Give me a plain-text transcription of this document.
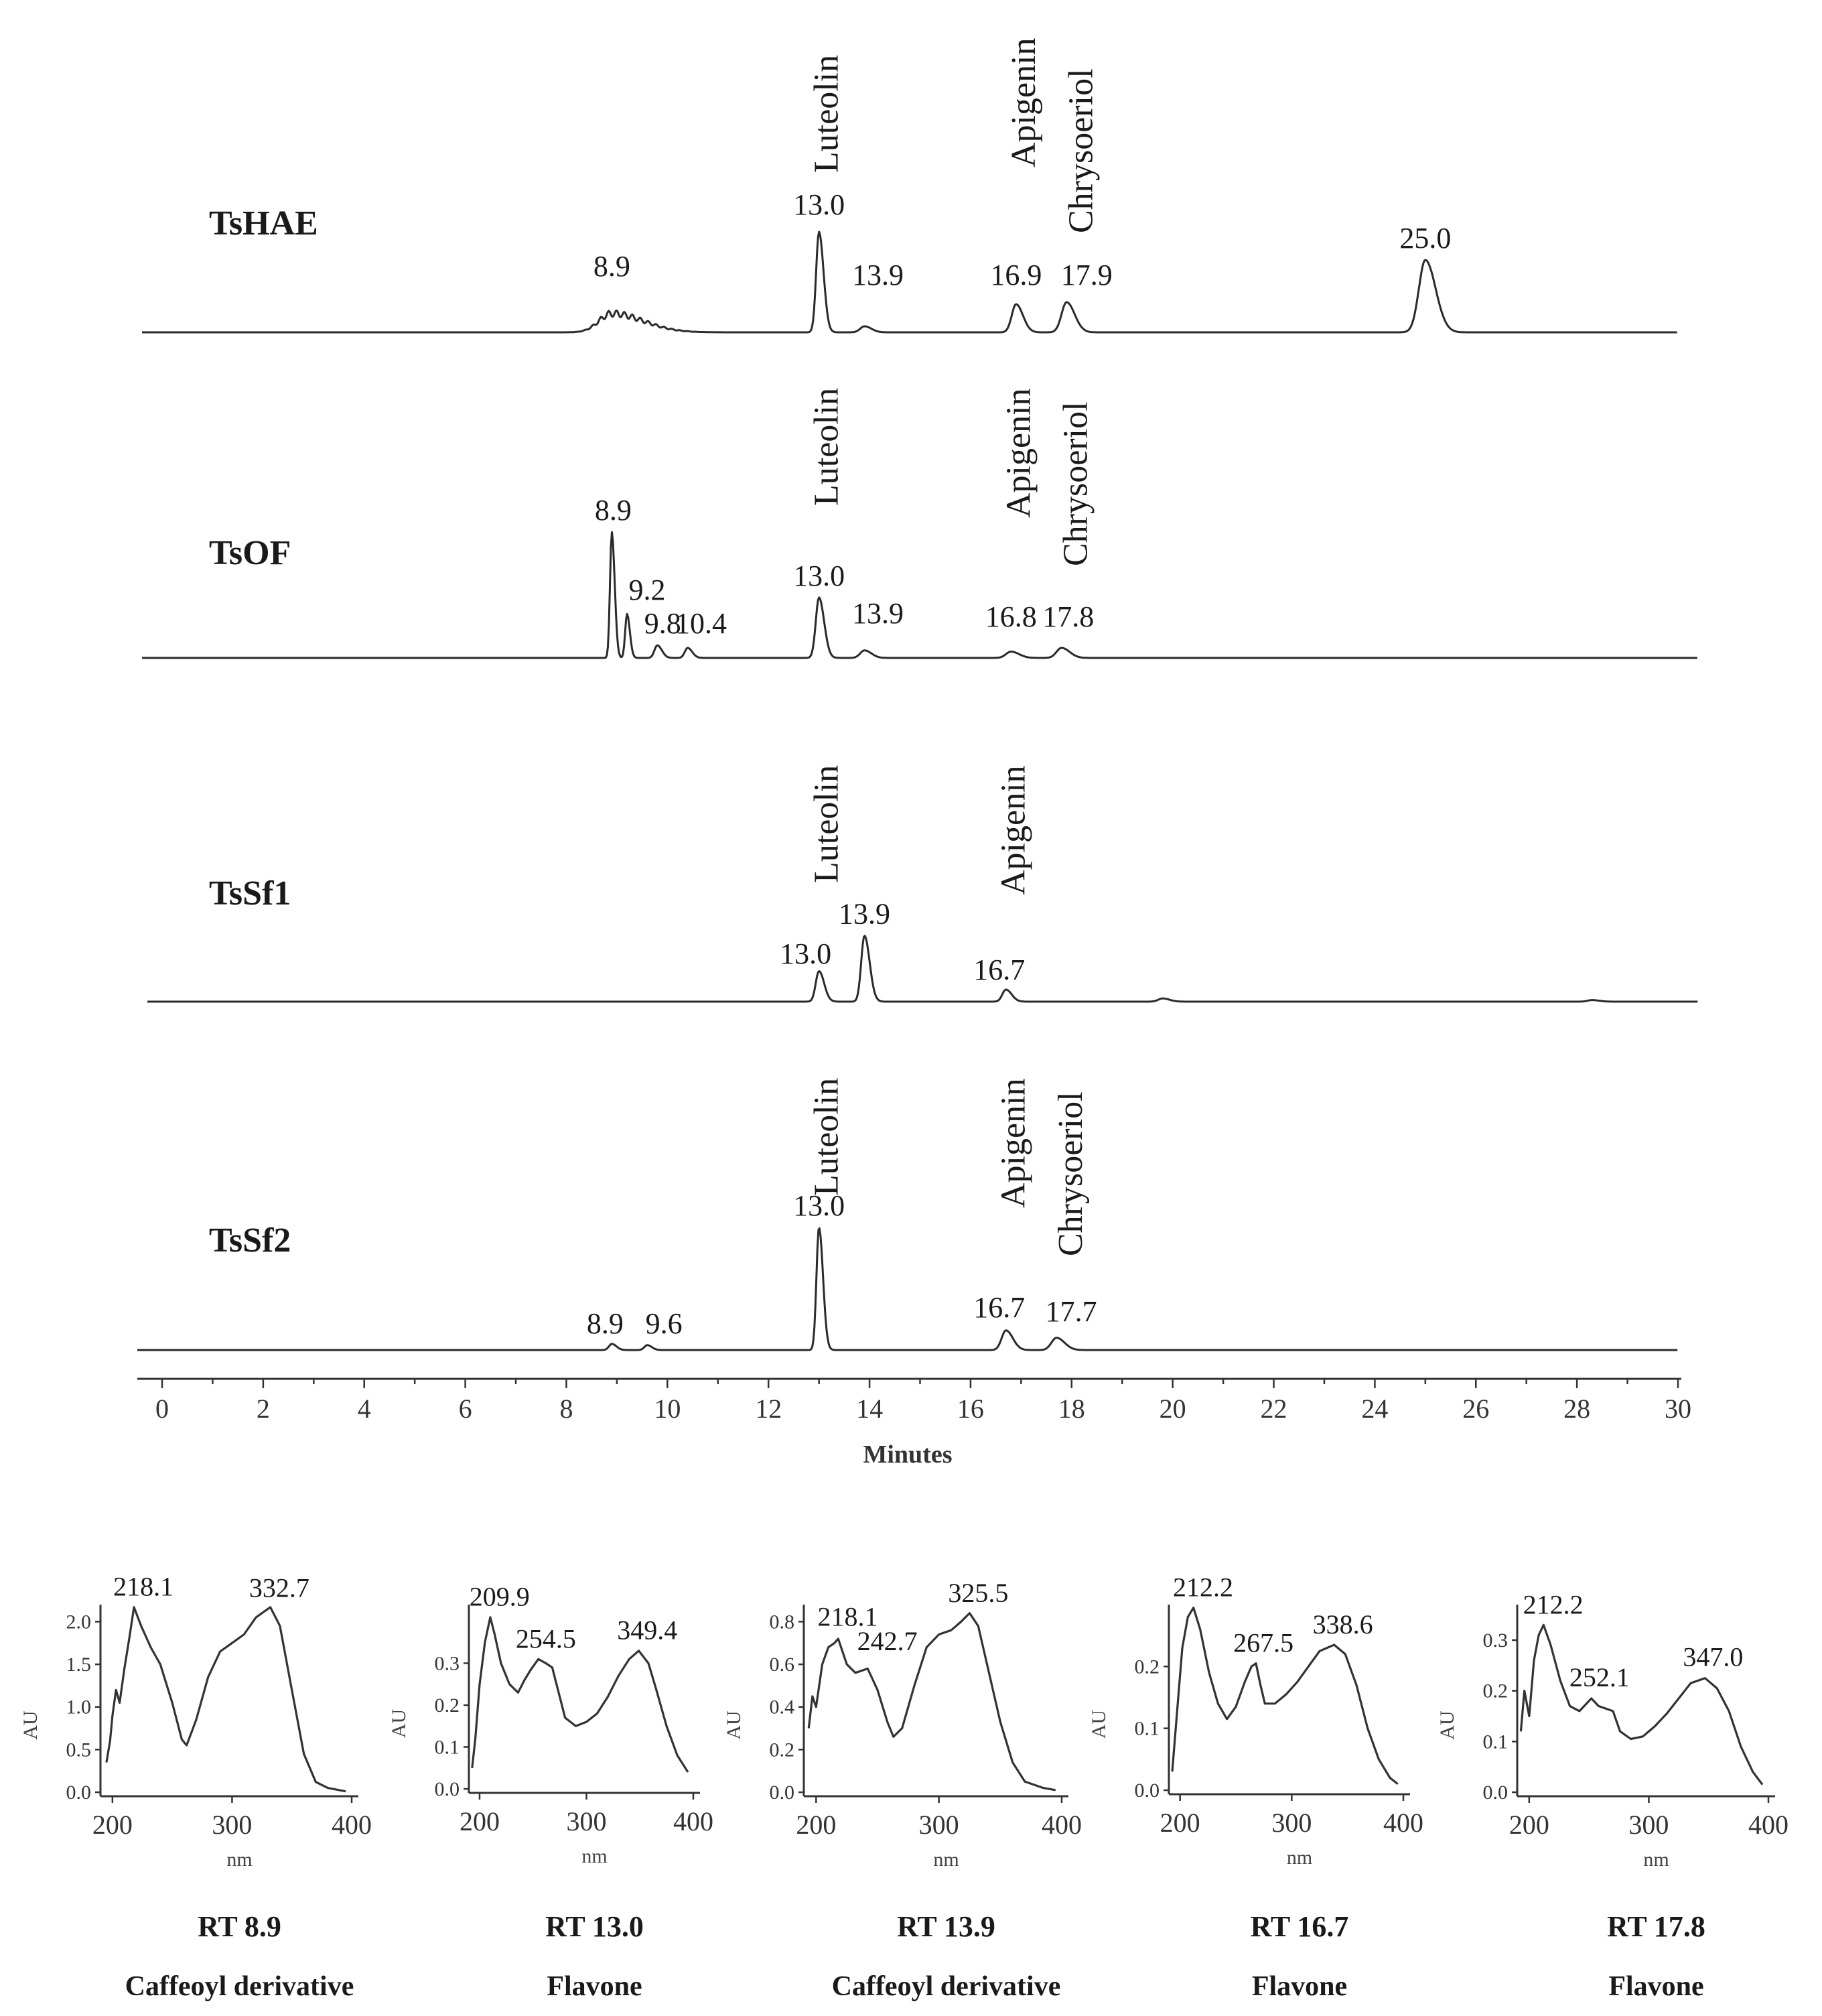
TsHAE
8.9
13.0
13.9	16.9 17.9
25.0
Luteolin	Apigenin Chrysoeriol
TsOF
8.9
9.2
9.8
10.4
13.0
13.9	16.8 17.8
Luteolin	Apigenin Chrysoeriol
TsSf1
13.0
13.9
16.7
Luteolin	Apigenin
TsSf2
8.9 9.6
13.0
16.7 17.7
Luteolin	Apigenin Chrysoeriol
0	2	4	6	8	10	12	14	16	18	20	22	24	26	28	30
Minutes
0.0
0.5
1.0
1.5
2.0
AU
200	300	400
nm
218.1	332.7
RT 8.9
Caffeoyl derivative
0.0
0.1
0.2
0.3
AU
200 300 400
nm
209.9
254.5 349.4
RT 13.0
Flavone
0.0
0.2
0.4
0.6
0.8
AU
200	300	400
nm
218.1
242.7
325.5
RT 13.9
Caffeoyl derivative
0.0
0.1
0.2
AU
200	300	400
nm
212.2
267.5
338.6
RT 16.7
Flavone
0.0
0.1
0.2
0.3
AU
200	300	400
nm
212.2
252.1
347.0
RT 17.8
Flavone
